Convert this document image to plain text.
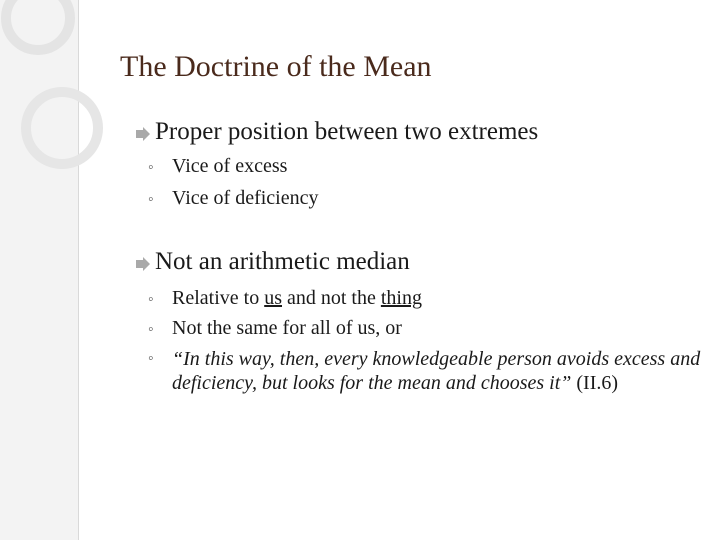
The Doctrine of the Mean
Proper position between two extremes
◦ Vice of excess
◦ Vice of deficiency
Not an arithmetic median
◦ Relative to us and not the thing
◦ Not the same for all of us, or
◦ “In this way, then, every knowledgeable person avoids excess and deficiency, but looks for the mean and chooses it” (II.6)
